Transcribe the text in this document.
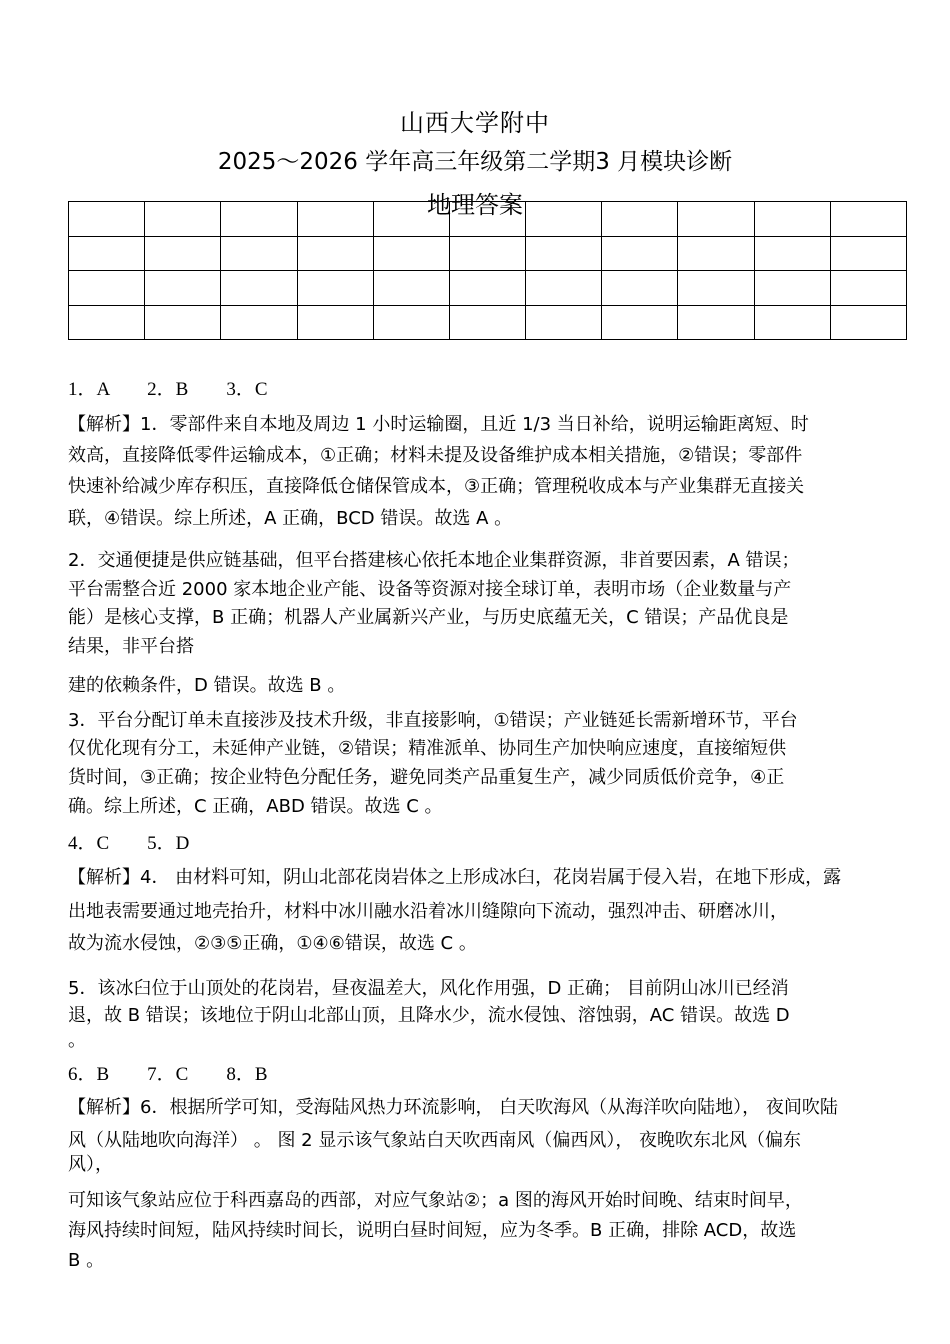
山西大学附中
2025～2026 学年高三年级第二学期3 月模块诊断
地理答案

1．A　　2．B　　3．C
【解析】1．零部件来自本地及周边 1 小时运输圈，且近 1/3 当日补给，说明运输距离短、时
效高，直接降低零件运输成本，①正确；材料未提及设备维护成本相关措施，②错误；零部件
快速补给减少库存积压，直接降低仓储保管成本，③正确；管理税收成本与产业集群无直接关
联，④错误。综上所述，A 正确，BCD 错误。故选 A 。
2．交通便捷是供应链基础，但平台搭建核心依托本地企业集群资源，非首要因素，A 错误；
平台需整合近 2000 家本地企业产能、设备等资源对接全球订单，表明市场（企业数量与产
能）是核心支撑，B 正确；机器人产业属新兴产业，与历史底蕴无关，C 错误；产品优良是
结果，非平台搭
建的依赖条件，D 错误。故选 B 。
3．平台分配订单未直接涉及技术升级，非直接影响，①错误；产业链延长需新增环节，平台
仅优化现有分工，未延伸产业链，②错误；精准派单、协同生产加快响应速度，直接缩短供
货时间，③正确；按企业特色分配任务，避免同类产品重复生产，减少同质低价竞争，④正
确。综上所述，C 正确，ABD 错误。故选 C 。
4．C　　5．D
【解析】4． 由材料可知，阴山北部花岗岩体之上形成冰臼，花岗岩属于侵入岩，在地下形成，露
出地表需要通过地壳抬升，材料中冰川融水沿着冰川缝隙向下流动，强烈冲击、研磨冰川，
故为流水侵蚀，②③⑤正确，①④⑥错误，故选 C 。
5．该冰臼位于山顶处的花岗岩，昼夜温差大，风化作用强，D 正确； 目前阴山冰川已经消
退，故 B 错误；该地位于阴山北部山顶，且降水少，流水侵蚀、溶蚀弱，AC 错误。故选 D
。
6．B　　7．C　　8．B
【解析】6．根据所学可知，受海陆风热力环流影响， 白天吹海风（从海洋吹向陆地）， 夜间吹陆
风（从陆地吹向海洋） 。 图 2 显示该气象站白天吹西南风（偏西风）， 夜晚吹东北风（偏东
风），
可知该气象站应位于科西嘉岛的西部，对应气象站②；a 图的海风开始时间晚、结束时间早，
海风持续时间短，陆风持续时间长，说明白昼时间短，应为冬季。B 正确，排除 ACD，故选
B 。
